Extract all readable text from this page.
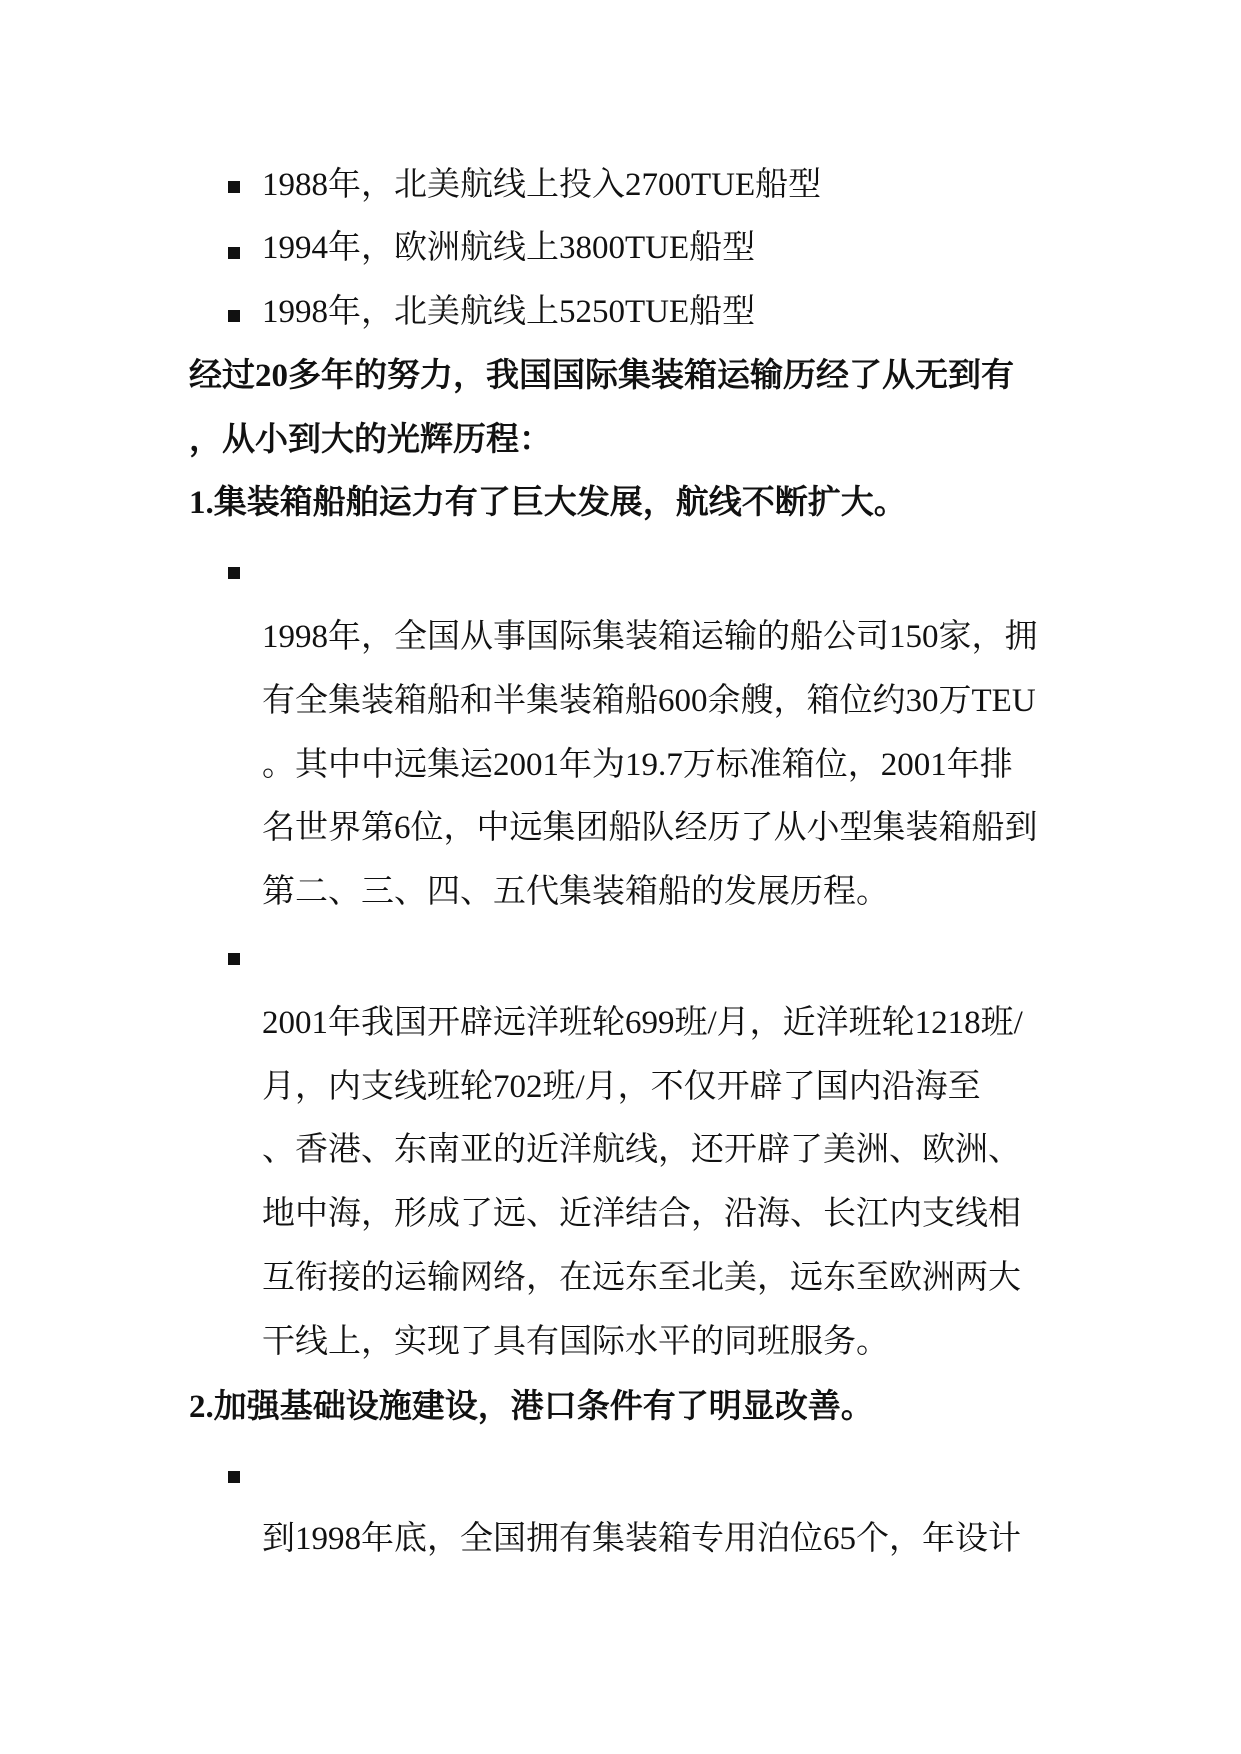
1988年，北美航线上投入2700TUE船型
1994年，欧洲航线上3800TUE船型
1998年，北美航线上5250TUE船型
经过20多年的努力，我国国际集装箱运输历经了从无到有
，从小到大的光辉历程：
1.集装箱船舶运力有了巨大发展，航线不断扩大。
1998年，全国从事国际集装箱运输的船公司150家，拥
有全集装箱船和半集装箱船600余艘，箱位约30万TEU
。其中中远集运2001年为19.7万标准箱位，2001年排
名世界第6位，中远集团船队经历了从小型集装箱船到
第二、三、四、五代集装箱船的发展历程。
2001年我国开辟远洋班轮699班/月，近洋班轮1218班/
月，内支线班轮702班/月，不仅开辟了国内沿海至
、香港、东南亚的近洋航线，还开辟了美洲、欧洲、
地中海，形成了远、近洋结合，沿海、长江内支线相
互衔接的运输网络，在远东至北美，远东至欧洲两大
干线上，实现了具有国际水平的同班服务。
2.加强基础设施建设，港口条件有了明显改善。
到1998年底，全国拥有集装箱专用泊位65个，年设计
